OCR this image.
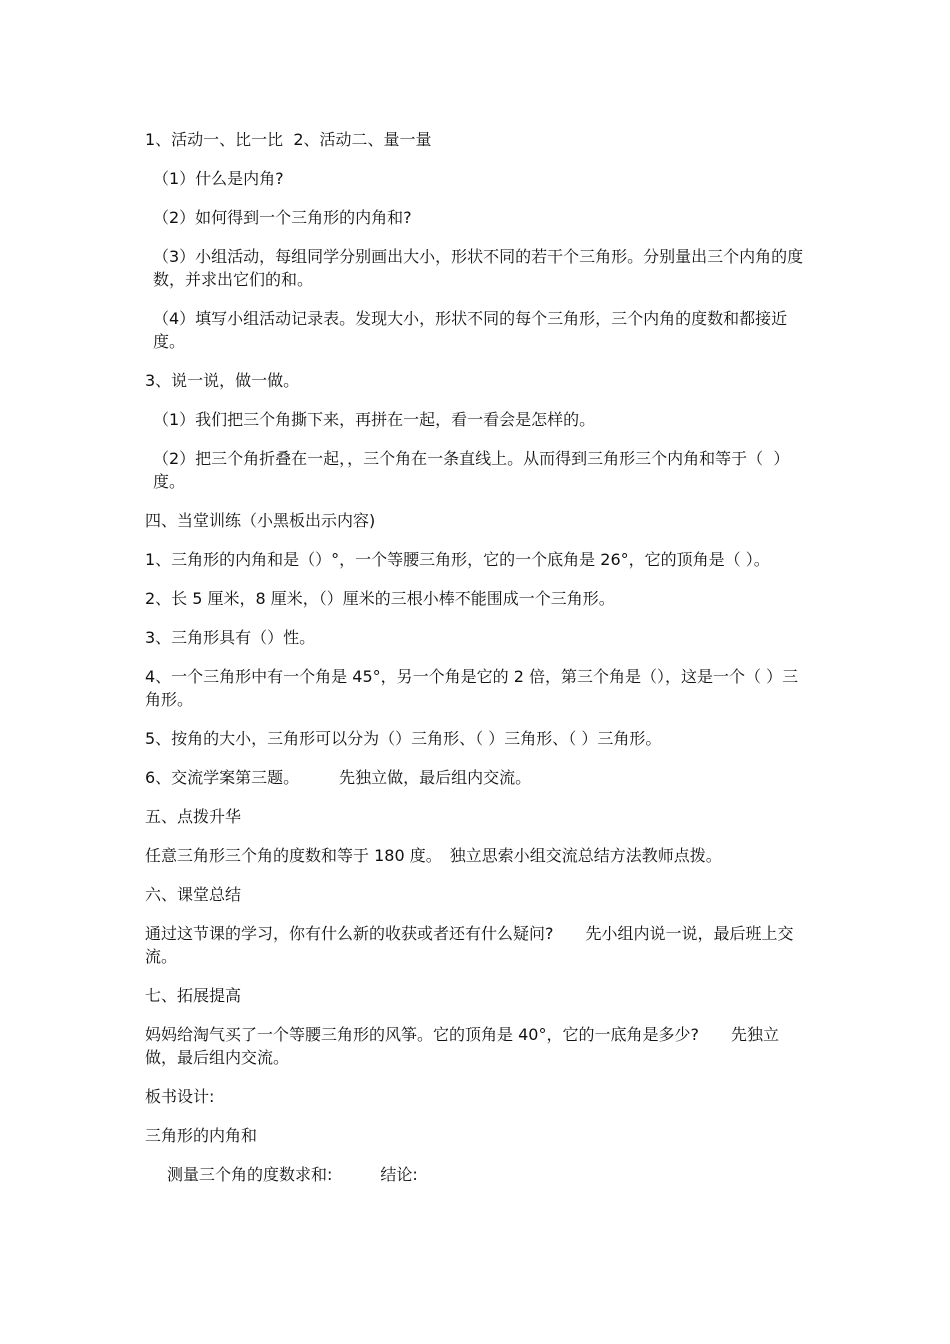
1、活动一、比一比  2、活动二、量一量

（1）什么是内角?

（2）如何得到一个三角形的内角和?

（3）小组活动，每组同学分别画出大小，形状不同的若干个三角形。分别量出三个内角的度数，并求出它们的和。

（4）填写小组活动记录表。发现大小，形状不同的每个三角形，三个内角的度数和都接近　　度。

3、说一说，做一做。

（1）我们把三个角撕下来，再拼在一起，看一看会是怎样的。

（2）把三个角折叠在一起，，三个角在一条直线上。从而得到三角形三个内角和等于（  ）度。

四、当堂训练（小黑板出示内容)

1、三角形的内角和是（）°，一个等腰三角形，它的一个底角是 26°，它的顶角是（ ）。

2、长 5 厘米，8 厘米，（）厘米的三根小棒不能围成一个三角形。

3、三角形具有（）性。

4、一个三角形中有一个角是 45°，另一个角是它的 2 倍，第三个角是（），这是一个（ ）三角形。

5、按角的大小，三角形可以分为（）三角形、（ ）三角形、（ ）三角形。

6、交流学案第三题。　　　先独立做，最后组内交流。

五、点拨升华

任意三角形三个角的度数和等于 180 度。　独立思索小组交流总结方法教师点拨。

六、课堂总结

通过这节课的学习，你有什么新的收获或者还有什么疑问?　　先小组内说一说，最后班上交流。

七、拓展提高

妈妈给淘气买了一个等腰三角形的风筝。它的顶角是 40°，它的一底角是多少?　　先独立做，最后组内交流。

板书设计:

三角形的内角和

测量三个角的度数求和:　　　结论:
